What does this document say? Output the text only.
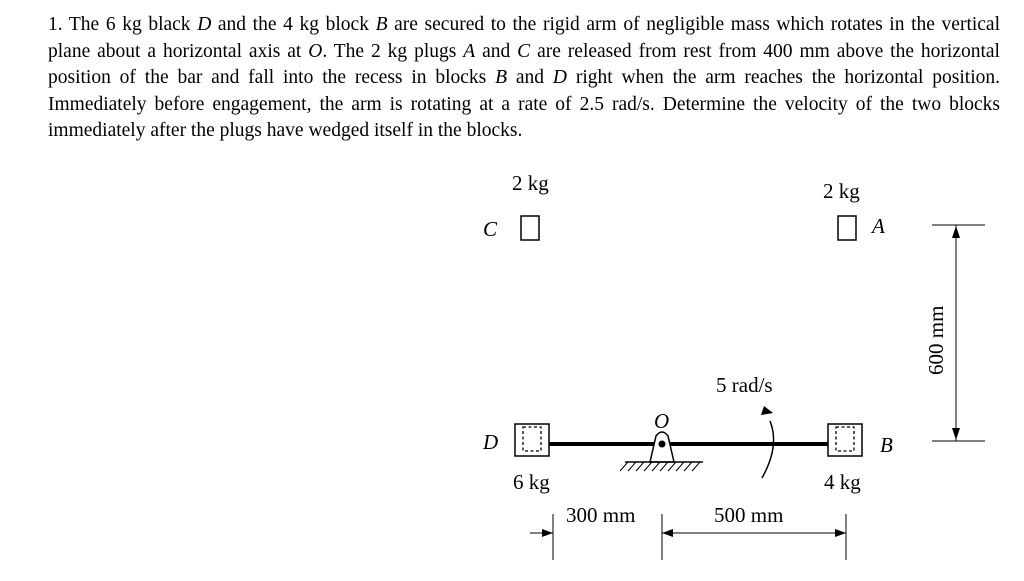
1. The 6 kg black D and the 4 kg block B are secured to the rigid arm of negligible mass which rotates in the vertical plane about a horizontal axis at O. The 2 kg plugs A and C are released from rest from 400 mm above the horizontal position of the bar and fall into the recess in blocks B and D right when the arm reaches the horizontal position. Immediately before engagement, the arm is rotating at a rate of 2.5 rad/s. Determine the velocity of the two blocks immediately after the plugs have wedged itself in the blocks.
2 kg
C
2 kg
A
D
6 kg
B
4 kg
O
5 rad/s
300 mm	500 mm
600 mm
